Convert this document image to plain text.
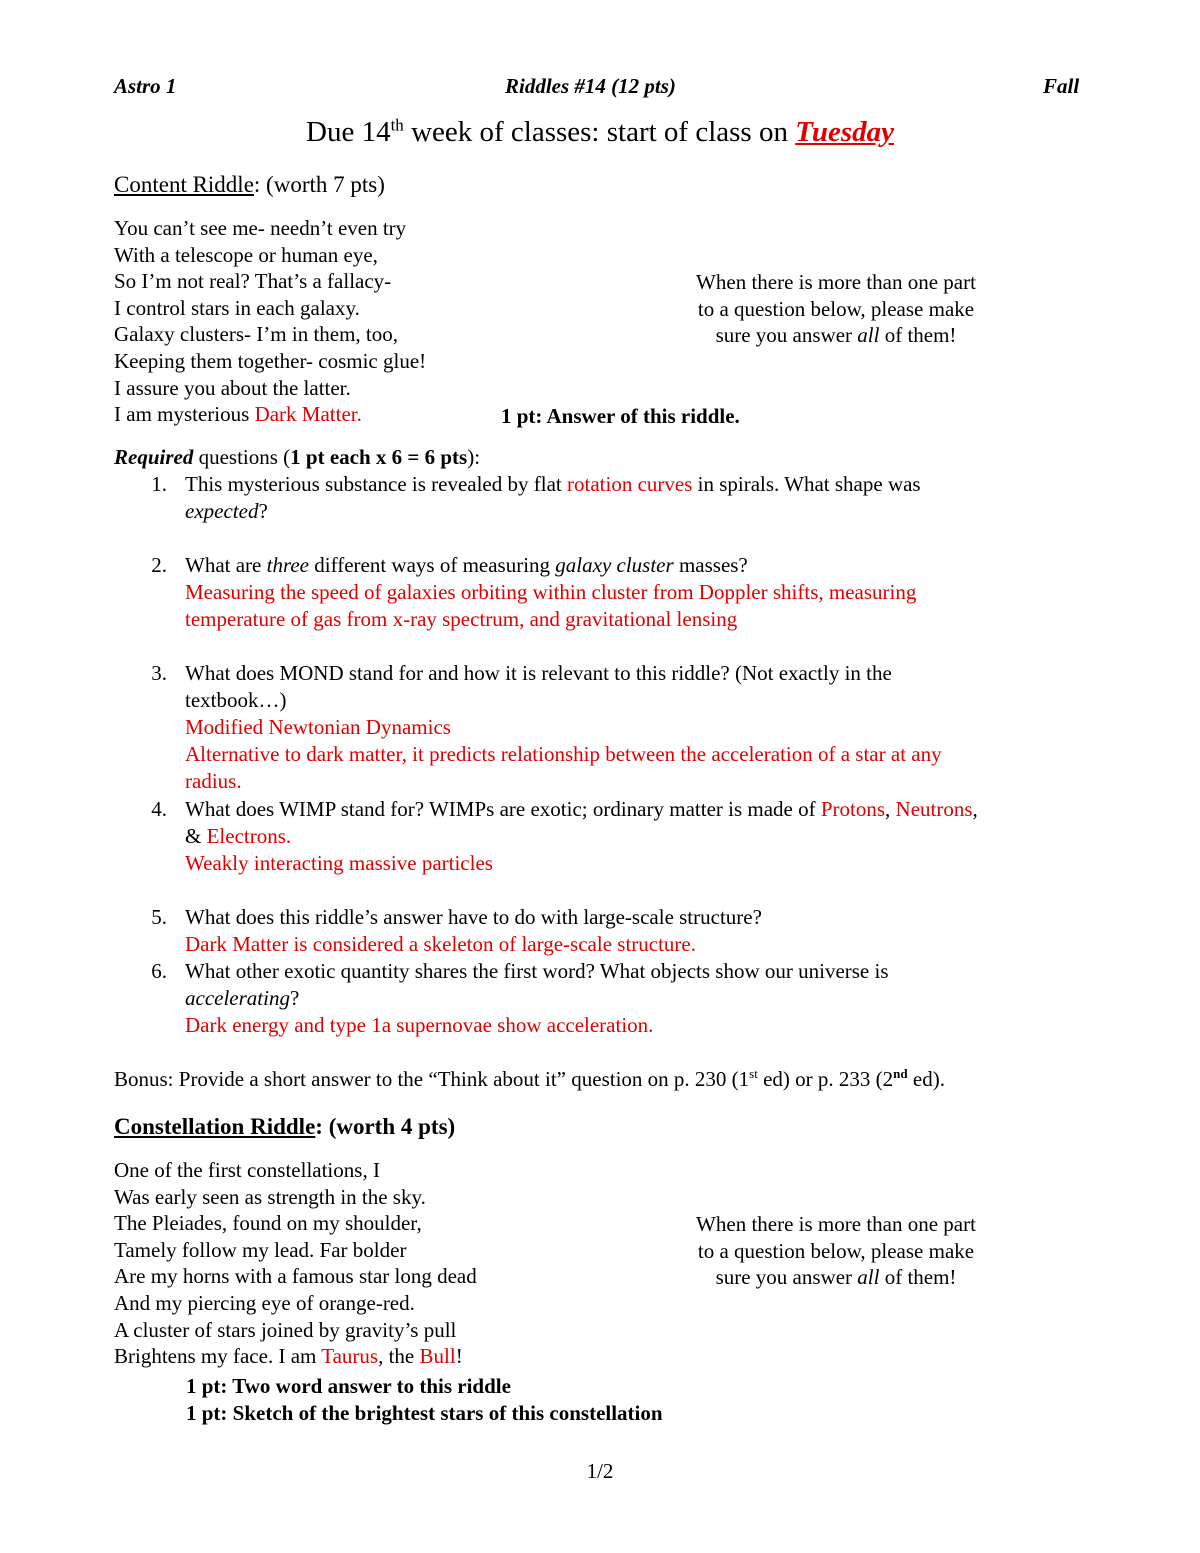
Astro 1	Riddles #14 (12 pts)	Fall
Due 14th week of classes: start of class on Tuesday
Content Riddle: (worth 7 pts)
You can’t see me- needn’t even try
With a telescope or human eye,
So I’m not real? That’s a fallacy-
I control stars in each galaxy.
Galaxy clusters- I’m in them, too,
Keeping them together- cosmic glue!
I assure you about the latter.
I am mysterious Dark Matter.	1 pt: Answer of this riddle.
When there is more than one part
to a question below, please make
sure you answer all of them!
Required questions (1 pt each x 6 = 6 pts):
1. This mysterious substance is revealed by flat rotation curves in spirals. What shape was
expected?
2. What are three different ways of measuring galaxy cluster masses?
Measuring the speed of galaxies orbiting within cluster from Doppler shifts, measuring
temperature of gas from x-ray spectrum, and gravitational lensing
3. What does MOND stand for and how it is relevant to this riddle? (Not exactly in the
textbook…)
Modified Newtonian Dynamics
Alternative to dark matter, it predicts relationship between the acceleration of a star at any
radius.
4. What does WIMP stand for? WIMPs are exotic; ordinary matter is made of Protons, Neutrons,
& Electrons.
Weakly interacting massive particles
5. What does this riddle’s answer have to do with large-scale structure?
Dark Matter is considered a skeleton of large-scale structure.
6. What other exotic quantity shares the first word? What objects show our universe is
accelerating?
Dark energy and type 1a supernovae show acceleration.
Bonus: Provide a short answer to the “Think about it” question on p. 230 (1st ed) or p. 233 (2nd ed).
Constellation Riddle: (worth 4 pts)
One of the first constellations, I
Was early seen as strength in the sky.
The Pleiades, found on my shoulder,
Tamely follow my lead. Far bolder
Are my horns with a famous star long dead
And my piercing eye of orange-red.
A cluster of stars joined by gravity’s pull
Brightens my face. I am Taurus, the Bull!
When there is more than one part
to a question below, please make
sure you answer all of them!
1 pt: Two word answer to this riddle
1 pt: Sketch of the brightest stars of this constellation
1/2
